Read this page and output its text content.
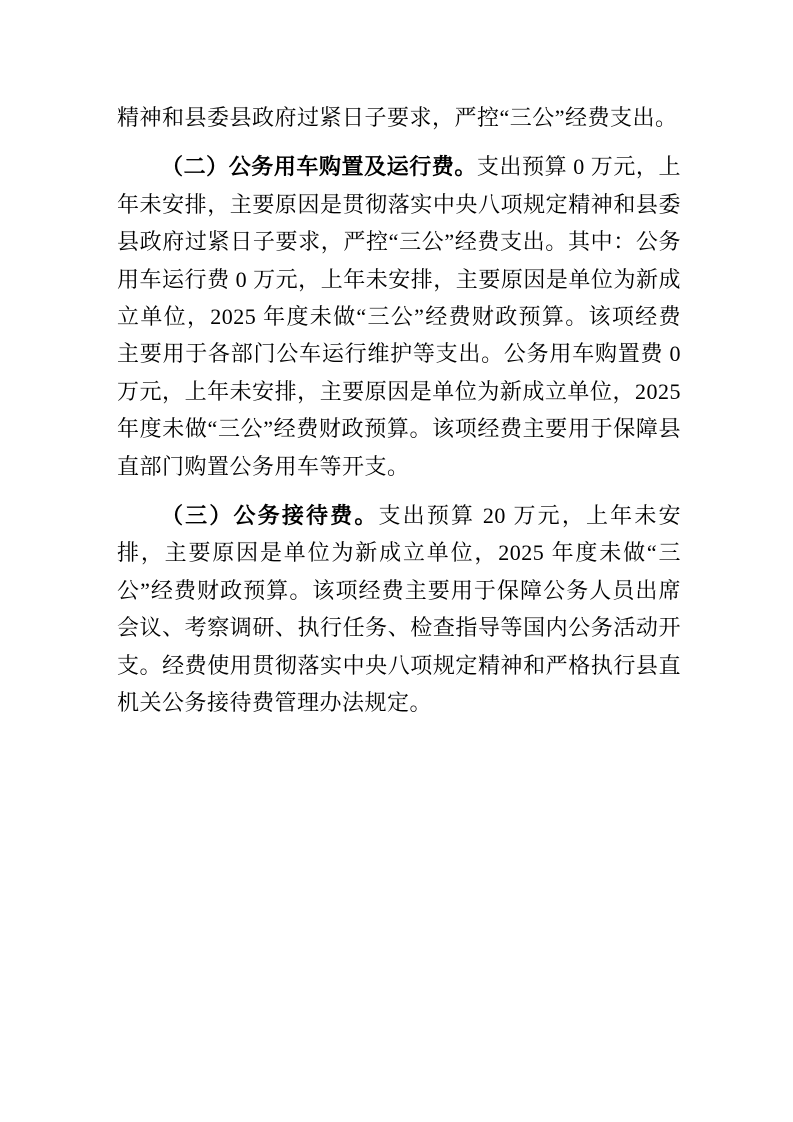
精神和县委县政府过紧日子要求，严控“三公”经费支出。

（二）公务用车购置及运行费。支出预算 0 万元，上年未安排，主要原因是贯彻落实中央八项规定精神和县委县政府过紧日子要求，严控“三公”经费支出。其中：公务用车运行费 0 万元，上年未安排，主要原因是单位为新成立单位，2025 年度未做“三公”经费财政预算。该项经费主要用于各部门公车运行维护等支出。公务用车购置费 0 万元，上年未安排，主要原因是单位为新成立单位，2025 年度未做“三公”经费财政预算。该项经费主要用于保障县直部门购置公务用车等开支。

（三）公务接待费。支出预算 20 万元，上年未安排，主要原因是单位为新成立单位，2025 年度未做“三公”经费财政预算。该项经费主要用于保障公务人员出席会议、考察调研、执行任务、检查指导等国内公务活动开支。经费使用贯彻落实中央八项规定精神和严格执行县直机关公务接待费管理办法规定。
